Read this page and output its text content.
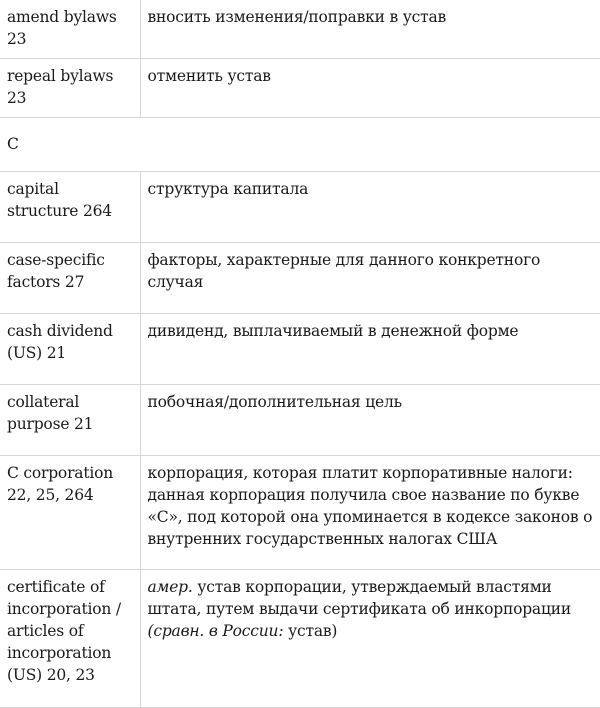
amend bylaws 23	вносить изменения/поправки в устав
repeal bylaws 23	отменить устав
C	
capital structure 264	структура капитала
case-specific factors 27	факторы, характерные для данного конкретного случая
cash dividend (US) 21	дивиденд, выплачиваемый в денежной форме
collateral purpose 21	побочная/дополнительная цель
C corporation 22, 25, 264	корпорация, которая платит корпоративные налоги: данная корпорация получила свое название по букве «С», под которой она упоминается в кодексе законов о внутренних государственных налогах США
certificate of incorporation / articles of incorporation (US) 20, 23	амер. устав корпорации, утверждаемый властями штата, путем выдачи сертификата об инкорпорации (сравн. в России: устав)
